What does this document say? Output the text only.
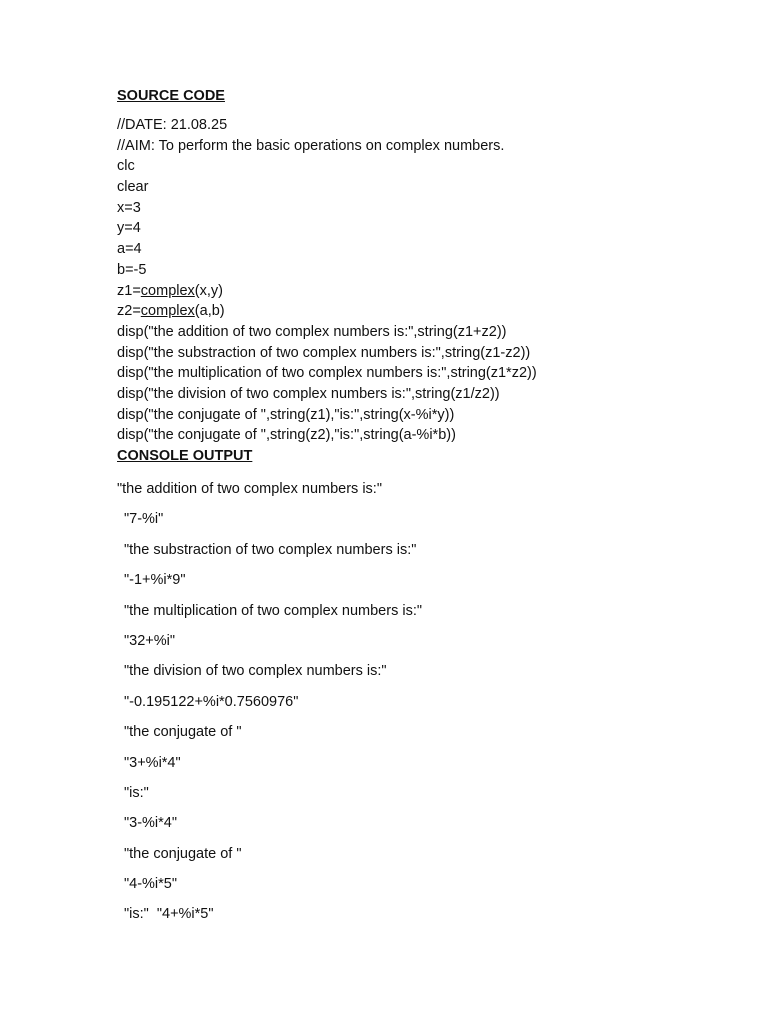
SOURCE CODE
//DATE: 21.08.25
//AIM: To perform the basic operations on complex numbers.
clc
clear
x=3
y=4
a=4
b=-5
z1=complex(x,y)
z2=complex(a,b)
disp("the addition of two complex numbers is:",string(z1+z2))
disp("the substraction of two complex numbers is:",string(z1-z2))
disp("the multiplication of two complex numbers is:",string(z1*z2))
disp("the division of two complex numbers is:",string(z1/z2))
disp("the conjugate of ",string(z1),"is:",string(x-%i*y))
disp("the conjugate of ",string(z2),"is:",string(a-%i*b))
CONSOLE OUTPUT
"the addition of two complex numbers is:"
"7-%i"
"the substraction of two complex numbers is:"
"-1+%i*9"
"the multiplication of two complex numbers is:"
"32+%i"
"the division of two complex numbers is:"
"-0.195122+%i*0.7560976"
"the conjugate of "
"3+%i*4"
"is:"
"3-%i*4"
"the conjugate of "
"4-%i*5"
"is:"  "4+%i*5"
